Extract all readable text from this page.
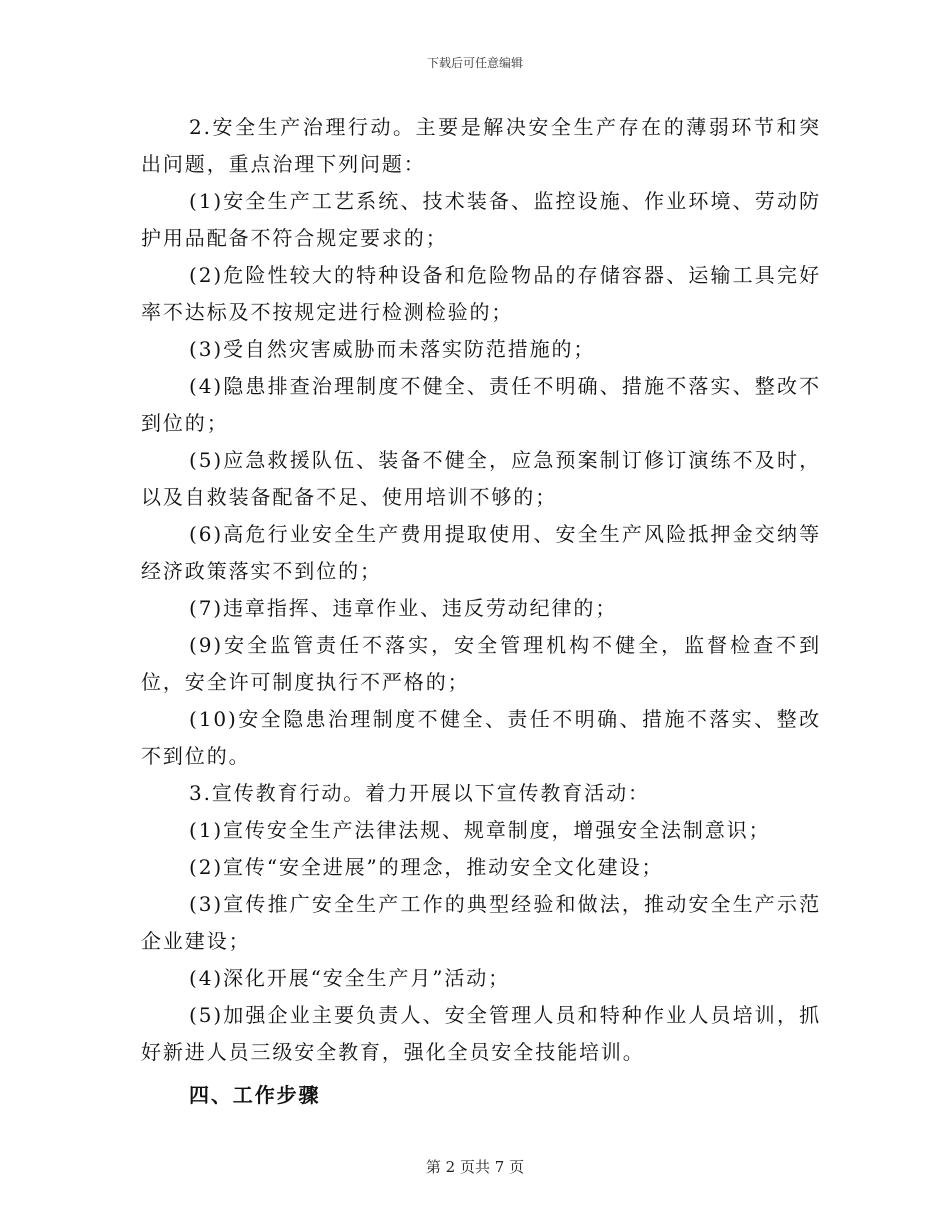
下载后可任意编辑

2.安全生产治理行动。主要是解决安全生产存在的薄弱环节和突出问题，重点治理下列问题：

(1)安全生产工艺系统、技术装备、监控设施、作业环境、劳动防护用品配备不符合规定要求的；

(2)危险性较大的特种设备和危险物品的存储容器、运输工具完好率不达标及不按规定进行检测检验的；

(3)受自然灾害威胁而未落实防范措施的；

(4)隐患排查治理制度不健全、责任不明确、措施不落实、整改不到位的；

(5)应急救援队伍、装备不健全，应急预案制订修订演练不及时，以及自救装备配备不足、使用培训不够的；

(6)高危行业安全生产费用提取使用、安全生产风险抵押金交纳等经济政策落实不到位的；

(7)违章指挥、违章作业、违反劳动纪律的；

(9)安全监管责任不落实，安全管理机构不健全，监督检查不到位，安全许可制度执行不严格的；

(10)安全隐患治理制度不健全、责任不明确、措施不落实、整改不到位的。

3.宣传教育行动。着力开展以下宣传教育活动：

(1)宣传安全生产法律法规、规章制度，增强安全法制意识；

(2)宣传“安全进展”的理念，推动安全文化建设；

(3)宣传推广安全生产工作的典型经验和做法，推动安全生产示范企业建设；

(4)深化开展“安全生产月”活动；

(5)加强企业主要负责人、安全管理人员和特种作业人员培训，抓好新进人员三级安全教育，强化全员安全技能培训。

四、工作步骤

第 2 页共 7 页
